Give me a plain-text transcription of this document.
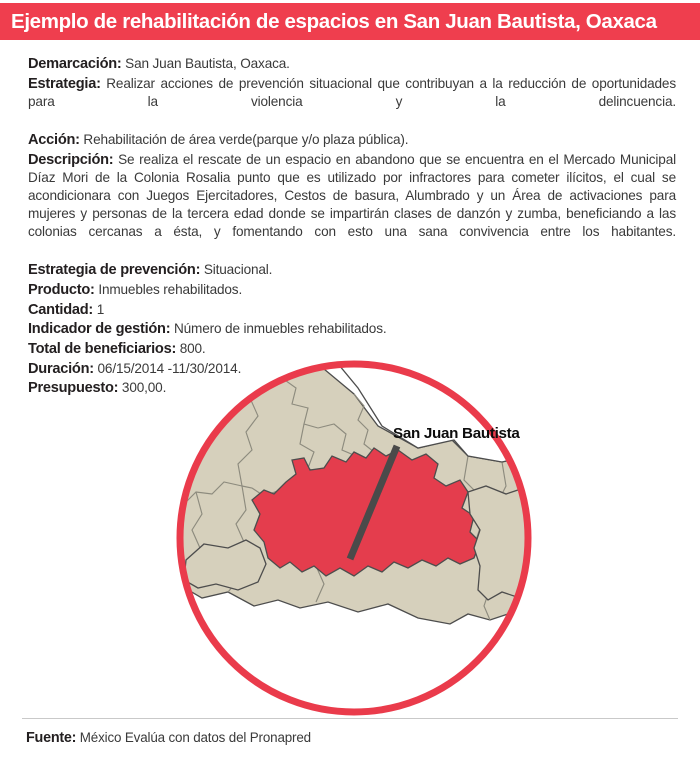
Ejemplo de rehabilitación de espacios en San Juan Bautista, Oaxaca

Demarcación: San Juan Bautista, Oaxaca.

Estrategia: Realizar acciones de prevención situacional que contribuyan a la reducción de oportunidades para la violencia y la delincuencia.

Acción: Rehabilitación de área verde(parque y/o plaza pública).

Descripción: Se realiza el rescate de un espacio en abandono que se encuentra en el Mercado Municipal Díaz Mori de la Colonia Rosalia punto que es utilizado por infractores para cometer ilícitos, el cual se acondicionara con Juegos Ejercitadores, Cestos de basura, Alumbrado y un Área de activaciones para mujeres y personas de la tercera edad donde se impartirán clases de danzón y zumba, beneficiando a las colonias cercanas a ésta, y fomentando con esto una sana convivencia entre los habitantes.

Estrategia de prevención: Situacional.

Producto: Inmuebles rehabilitados.

Cantidad: 1

Indicador de gestión: Número de inmuebles rehabilitados.

Total de beneficiarios: 800.

Duración: 06/15/2014 -11/30/2014.

Presupuesto: 300,00.

San Juan Bautista
Fuente: México Evalúa con datos del Pronapred
